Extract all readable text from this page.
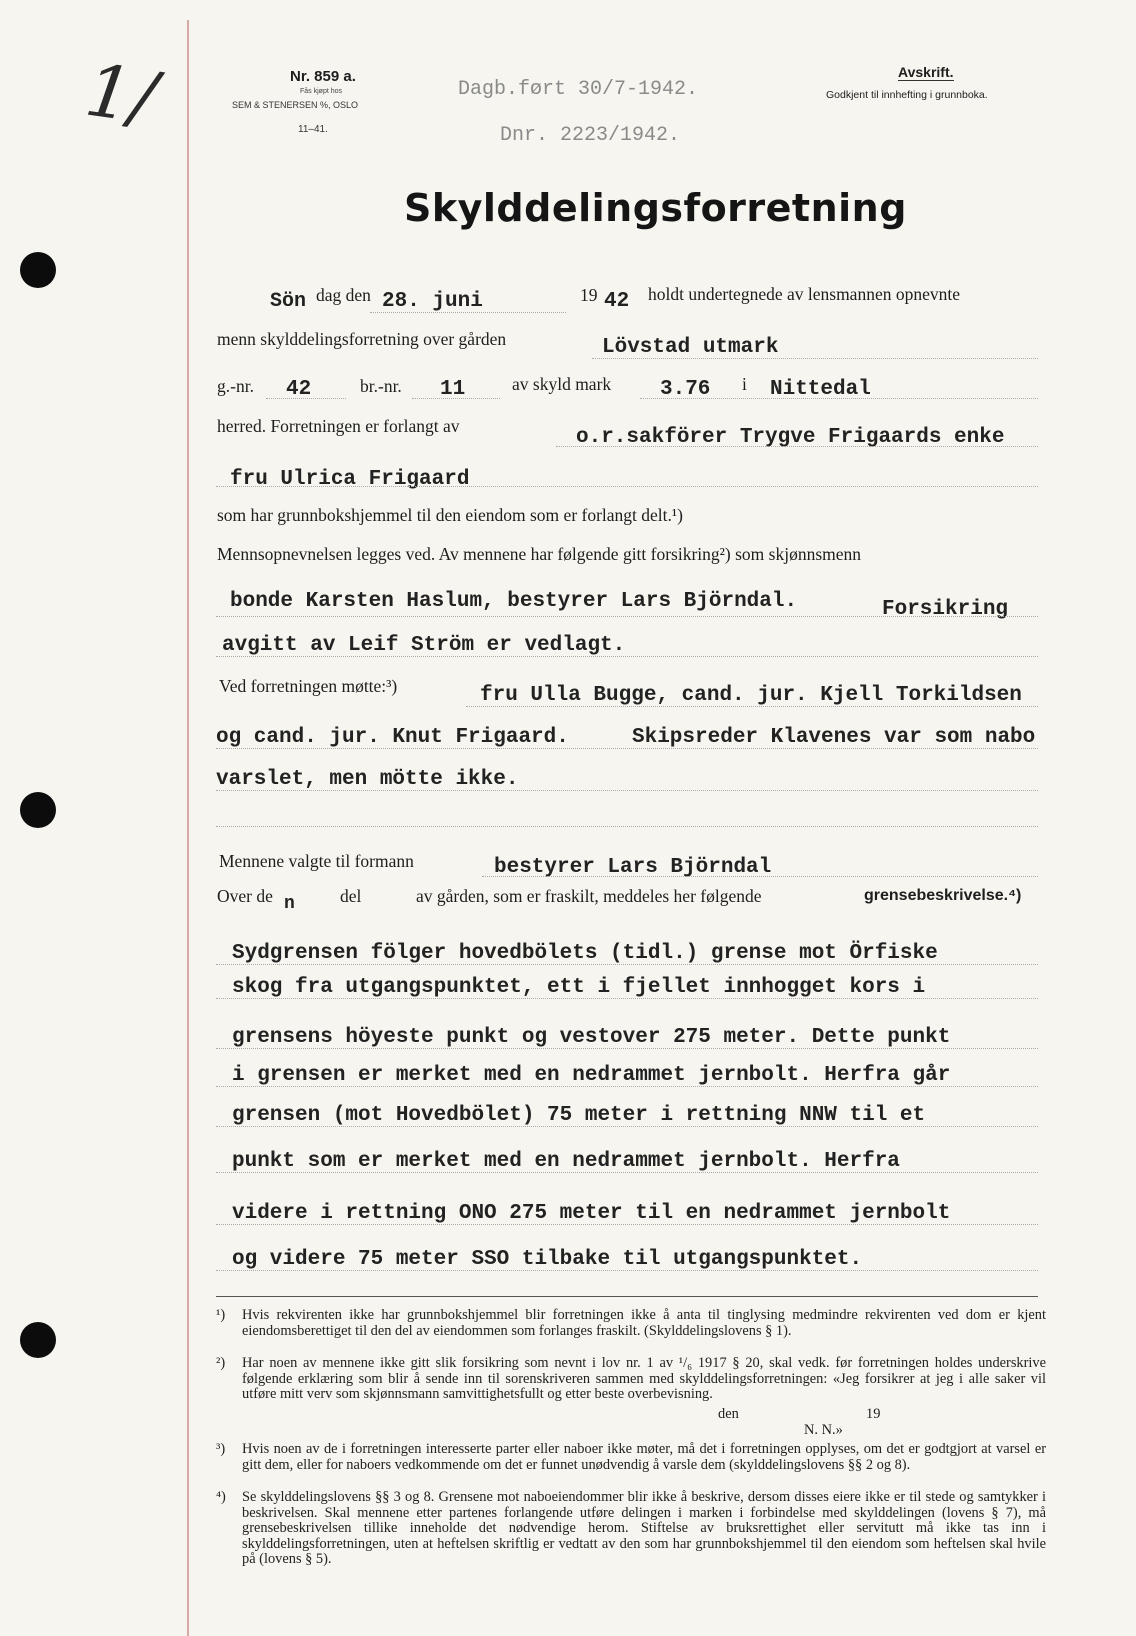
1/	Nr. 859 a.
Fås kjøpt hos
SEM & STENERSEN %, OSLO
11–41.
Avskrift.
Godkjent til innhefting i grunnboka.
Dagb.ført 30/7-1942.
Dnr. 2223/1942.
Skylddelingsforretning
Sön dag den 28. juni	19 42 holdt undertegnede av lensmannen opnevnte
menn skylddelingsforretning over gården	Lövstad utmark
g.-nr. 42	br.-nr. 11	av skyld mark 3.76 i Nittedal
herred. Forretningen er forlangt av	o.r.sakförer Trygve Frigaards enke
fru Ulrica Frigaard
som har grunnbokshjemmel til den eiendom som er forlangt delt.¹)
Mennsopnevnelsen legges ved. Av mennene har følgende gitt forsikring²) som skjønnsmenn
bonde Karsten Haslum, bestyrer Lars Björndal.	Forsikring
avgitt av Leif Ström er vedlagt.
Ved forretningen møtte:³)	fru Ulla Bugge, cand. jur. Kjell Torkildsen
og cand. jur. Knut Frigaard.	Skipsreder Klavenes var som nabo
varslet, men mötte ikke.
Mennene valgte til formann	bestyrer Lars Björndal
Over de n	del	av gården, som er fraskilt, meddeles her følgende	grensebeskrivelse.⁴)
Sydgrensen fölger hovedbölets (tidl.) grense mot Örfiske
skog fra utgangspunktet, ett i fjellet innhogget kors i
grensens höyeste punkt og vestover 275 meter. Dette punkt
i grensen er merket med en nedrammet jernbolt. Herfra går
grensen (mot Hovedbölet) 75 meter i rettning NNW til et
punkt som er merket med en nedrammet jernbolt. Herfra
videre i rettning ONO 275 meter til en nedrammet jernbolt
og videre 75 meter SSO tilbake til utgangspunktet.
¹) Hvis rekvirenten ikke har grunnbokshjemmel blir forretningen ikke å anta til tinglysing medmindre rekvirenten ved dom er kjent eiendomsberettiget til den del av eiendommen som forlanges fraskilt. (Skylddelingslovens § 1).
²) Har noen av mennene ikke gitt slik forsikring som nevnt i lov nr. 1 av ¹/₆ 1917 § 20, skal vedk. før forretningen holdes underskrive følgende erklæring som blir å sende inn til sorenskriveren sammen med skylddelingsforretningen: «Jeg forsikrer at jeg i alle saker vil utføre mitt verv som skjønnsmann samvittighetsfullt og etter beste overbevisning.
den	19
N. N.»
³) Hvis noen av de i forretningen interesserte parter eller naboer ikke møter, må det i forretningen opplyses, om det er godtgjort at varsel er gitt dem, eller for naboers vedkommende om det er funnet unødvendig å varsle dem (skylddelingslovens §§ 2 og 8).
⁴) Se skylddelingslovens §§ 3 og 8. Grensene mot naboeiendommer blir ikke å beskrive, dersom disses eiere ikke er til stede og samtykker i beskrivelsen. Skal mennene etter partenes forlangende utføre delingen i marken i forbindelse med skylddelingen (lovens § 7), må grensebeskrivelsen tillike inneholde det nødvendige herom. Stiftelse av bruksrettighet eller servitutt må ikke tas inn i skylddelingsforretningen, uten at heftelsen skriftlig er vedtatt av den som har grunnbokshjemmel til den eiendom som heftelsen skal hvile på (lovens § 5).
